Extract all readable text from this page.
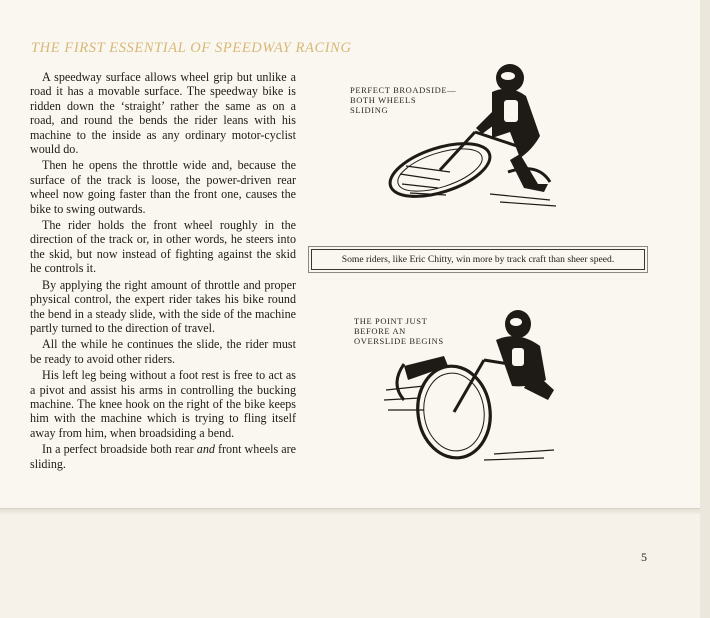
THE FIRST ESSENTIAL OF SPEEDWAY RACING

A speedway surface allows wheel grip but unlike a road it has a movable surface. The speedway bike is ridden down the ‘straight’ rather the same as on a road, and round the bends the rider leans with his machine to the inside as any ordinary motor-cyclist would do.

Then he opens the throttle wide and, because the surface of the track is loose, the power-driven rear wheel now going faster than the front one, causes the bike to swing outwards.

The rider holds the front wheel roughly in the direction of the track or, in other words, he steers into the skid, but now instead of fighting against the skid he controls it.

By applying the right amount of throttle and proper physical control, the expert rider takes his bike round the bend in a steady slide, with the side of the machine partly turned to the direction of travel.

All the while he continues the slide, the rider must be ready to avoid other riders.

His left leg being without a foot rest is free to act as a pivot and assist his arms in controlling the bucking machine. The knee hook on the right of the bike keeps him with the machine which is trying to fling itself away from him, when broadsiding a bend.

In a perfect broadside both rear and front wheels are sliding.

PERFECT BROADSIDE—
BOTH WHEELS
SLIDING
Some riders, like Eric Chitty, win more by track craft than sheer speed.
THE POINT JUST
BEFORE AN
OVERSLIDE BEGINS
5
